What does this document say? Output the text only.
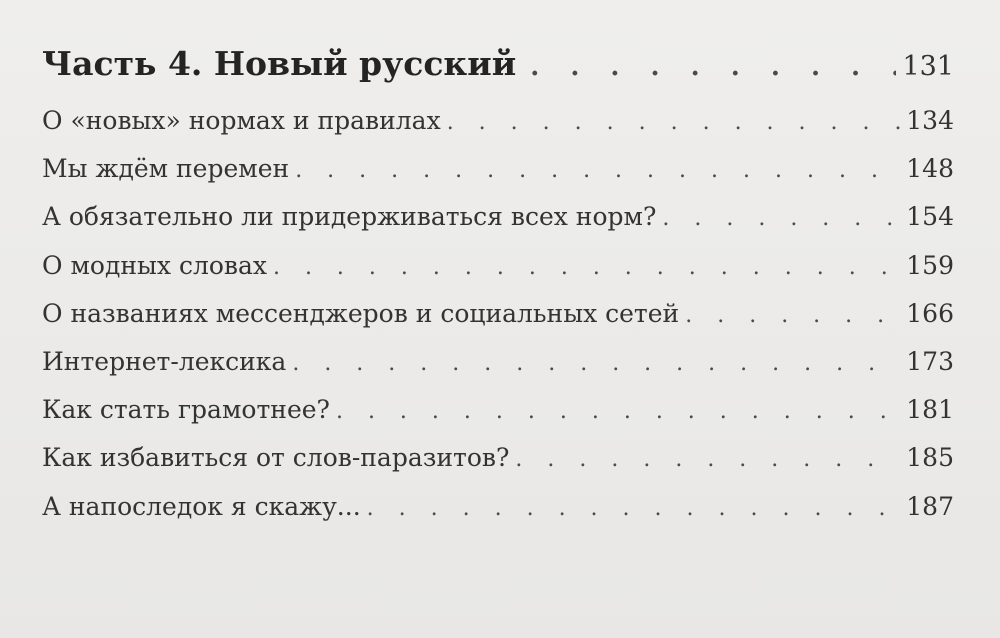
Часть 4. Новый русский . . .	131
О «новых» нормах и правилах . . .	134
Мы ждём перемен . . .	148
А обязательно ли придерживаться всех норм? . . .	154
О модных словах . . .	159
О названиях мессенджеров и социальных сетей . . .	166
Интернет-лексика . . .	173
Как стать грамотнее? . . .	181
Как избавиться от слов-паразитов? . . .	185
А напоследок я скажу... . . .	187
